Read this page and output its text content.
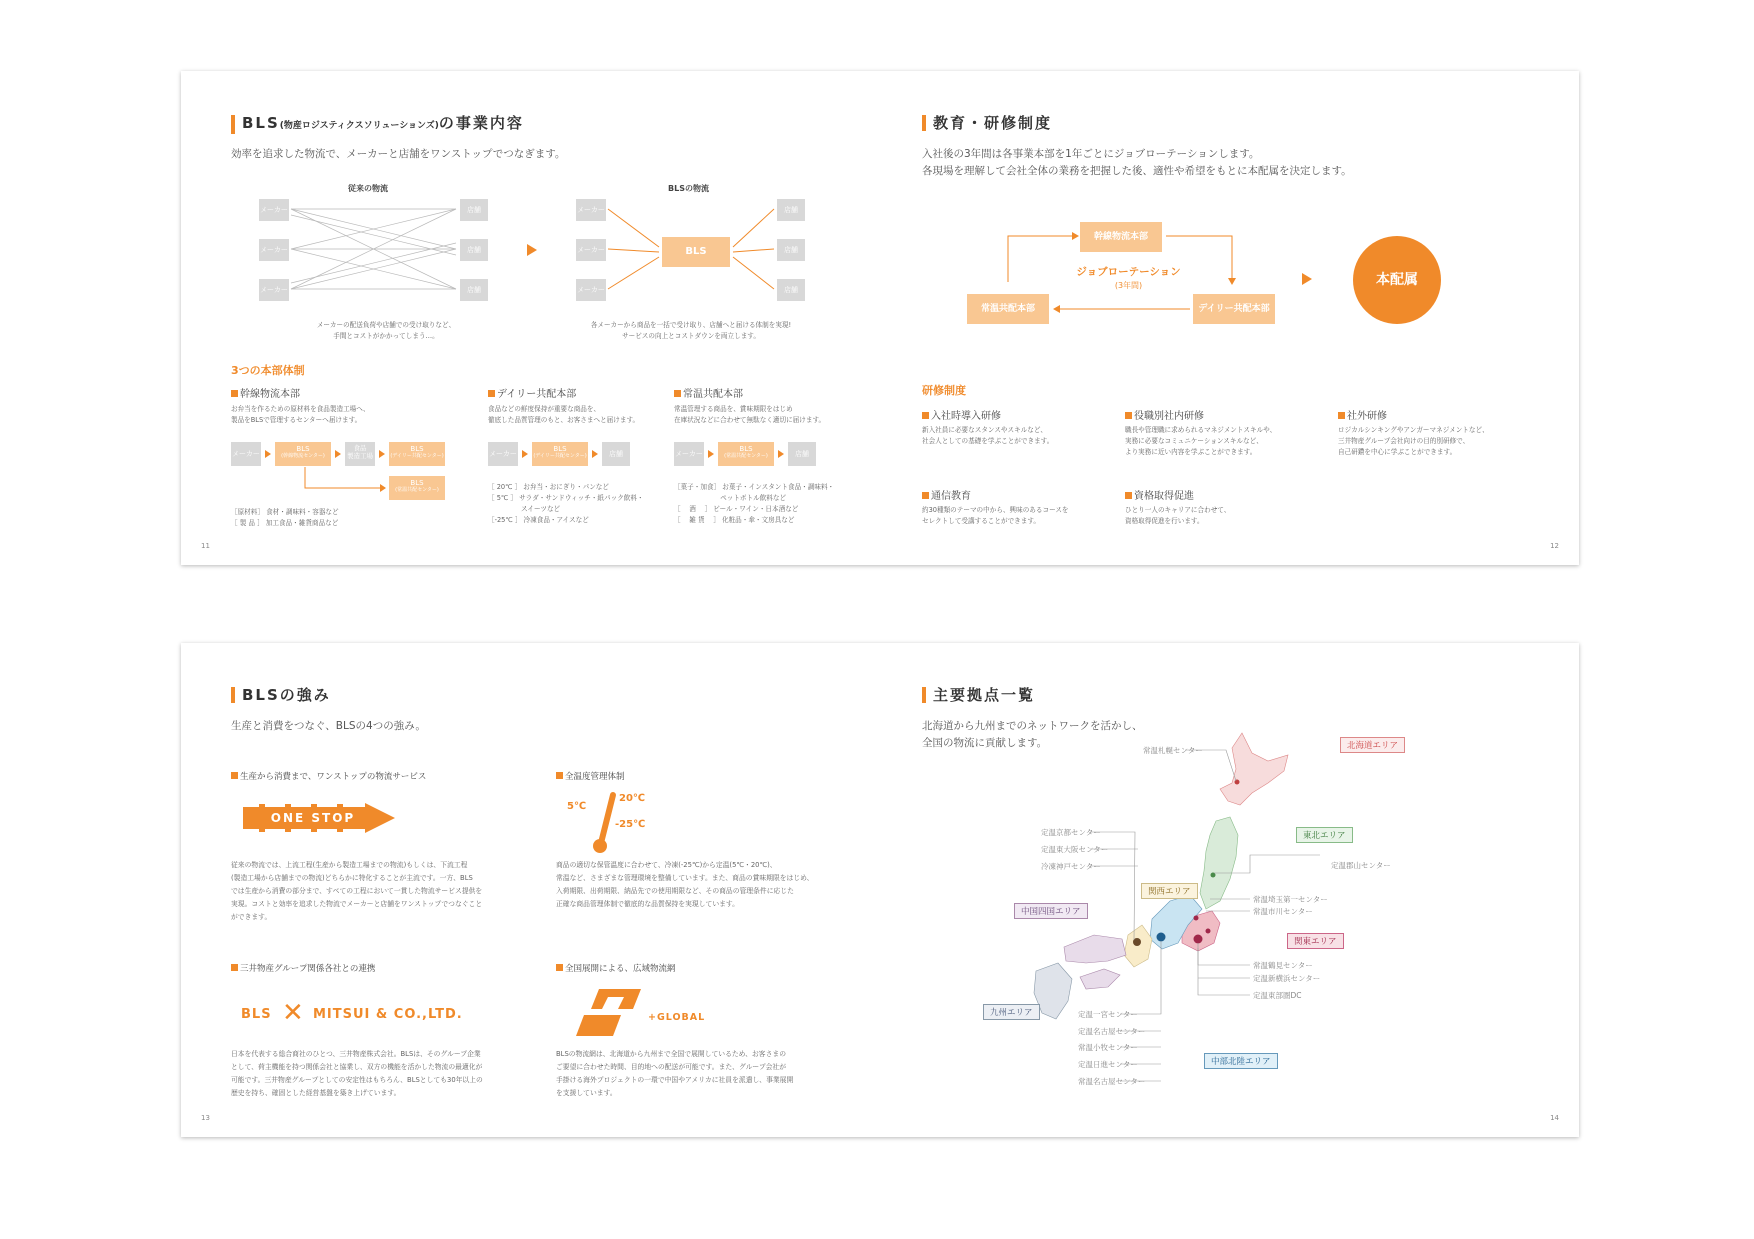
BLS(物産ロジスティクスソリューションズ)の事業内容
効率を追求した物流で、メーカーと店舗をワンストップでつなぎます。
従来の物流
メーカー
メーカー
メーカー
店舗
店舗
店舗
メーカーの配送負荷や店舗での受け取りなど、
手間とコストがかかってしまう…。
BLSの物流
メーカー
メーカー
メーカー
BLS
店舗
店舗
店舗
各メーカーから商品を一括で受け取り、店舗へと届ける体制を実現!
サービスの向上とコストダウンを両立します。
3つの本部体制
幹線物流本部
お弁当を作るための原材料を食品製造工場へ、
製品をBLSで管理するセンターへ届けます。
メーカー
BLS
(幹線物流センター)
食品
製造工場
BLS
(デイリー共配センター)
BLS
(常温共配センター)
［原材料］ 食材・調味料・容器など
［ 製 品 ］ 加工食品・雑貨商品など
デイリー共配本部
食品などの鮮度保持が重要な商品を、
徹底した品質管理のもと、お客さまへと届けます。
メーカー
BLS
(デイリー共配センター)	店舗
［ 20℃ ］ お弁当・おにぎり・パンなど
［ 5℃ ］ サラダ・サンドウィッチ・紙パック飲料・
　　　　　スイーツなど
［-25℃ ］ 冷凍食品・アイスなど
常温共配本部
常温管理する商品を、賞味期限をはじめ
在庫状況などに合わせて無駄なく適切に届けます。
メーカー
BLS
(常温共配センター)	店舗
［菓子・加食］ お菓子・インスタント食品・調味料・
　　　　　　　ペットボトル飲料など
［　 酒 　］ ビール・ワイン・日本酒など
［　 雑 貨 　］ 化粧品・傘・文房具など
11
教育・研修制度
入社後の3年間は各事業本部を1年ごとにジョブローテーションします。
各現場を理解して会社全体の業務を把握した後、適性や希望をもとに本配属を決定します。
幹線物流本部
常温共配本部	デイリー共配本部
ジョブローテーション
(3年間)	本配属
研修制度
入社時導入研修
新入社員に必要なスタンスやスキルなど、
社会人としての基礎を学ぶことができます。
役職別社内研修
職長や管理職に求められるマネジメントスキルや、
実務に必要なコミュニケーションスキルなど、
より実務に近い内容を学ぶことができます。
社外研修
ロジカルシンキングやアンガーマネジメントなど、
三井物産グループ会社向けの目的別研修で、
自己研鑽を中心に学ぶことができます。
通信教育
約30種類のテーマの中から、興味のあるコースを
セレクトして受講することができます。
資格取得促進
ひとり一人のキャリアに合わせて、
資格取得促進を行います。
12
BLSの強み
生産と消費をつなぐ、BLSの4つの強み。
生産から消費まで、ワンストップの物流サービス
ONE STOP
従来の物流では、上流工程(生産から製造工場までの物流)もしくは、下流工程
(製造工場から店舗までの物流)どちらかに特化することが主流です。一方、BLS
では生産から消費の部分まで、すべての工程において一貫した物流サービス提供を
実現。コストと効率を追求した物流でメーカーと店舗をワンストップでつなぐこと
ができます。
全温度管理体制
5℃
20℃
-25℃
商品の適切な保管温度に合わせて、冷凍(-25℃)から定温(5℃・20℃)、
常温など、さまざまな管理環境を整備しています。また、商品の賞味期限をはじめ、
入荷期限、出荷期限、納品先での使用期限など、その商品の管理条件に応じた
正確な商品管理体制で徹底的な品質保持を実現しています。
三井物産グループ関係各社との連携
BLS ✕ MITSUI & CO.,LTD.
日本を代表する総合商社のひとつ、三井物産株式会社。BLSは、そのグループ企業
として、荷主機能を持つ関係会社と協業し、双方の機能を活かした物流の最適化が
可能です。三井物産グループとしての安定性はもちろん、BLSとしても30年以上の
歴史を持ち、確固とした経営基盤を築き上げています。
全国展開による、広域物流網
+GLOBAL
BLSの物流網は、北海道から九州まで全国で展開しているため、お客さまの
ご要望に合わせた時間、目的地への配送が可能です。また、グループ会社が
手掛ける海外プロジェクトの一環で中国やアメリカに社員を派遣し、事業展開
を支援しています。
13
主要拠点一覧
北海道から九州までのネットワークを活かし、
全国の物流に貢献します。	北海道エリア
東北エリア
関西エリア
中国四国エリア
九州エリア
関東エリア
中部北陸エリア
常温札幌センター
定温京都センター
定温東大阪センター
冷凍神戸センター	定温郡山センター
常温埼玉第一センター
常温市川センター
常温鶴見センター
定温新横浜センター
定温東部圏DC
定温一宮センター
定温名古屋センター
常温小牧センター
定温日進センター
常温名古屋センター
14
